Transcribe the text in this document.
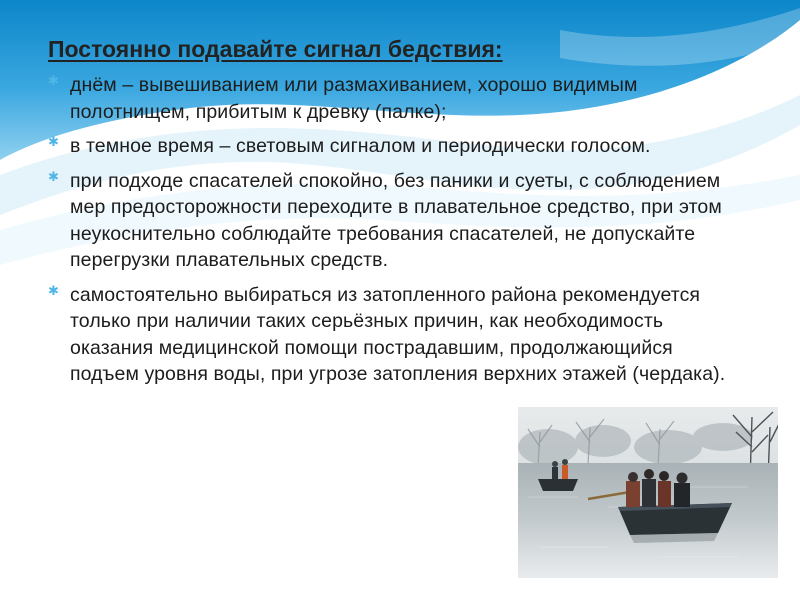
Постоянно подавайте сигнал бедствия:
✱ днём – вывешиванием или размахиванием, хорошо видимым полотнищем, прибитым к древку (палке);
✱ в темное время – световым сигналом и периодически голосом.
✱ при подходе спасателей спокойно, без паники и суеты, с соблюдением мер предосторожности переходите в плавательное средство, при этом неукоснительно соблюдайте требования спасателей, не допускайте перегрузки плавательных средств.
✱ самостоятельно выбираться из затопленного района рекомендуется только при наличии таких серьёзных причин, как необходимость оказания медицинской помощи пострадавшим, продолжающийся подъем уровня воды, при угрозе затопления верхних этажей (чердака).
